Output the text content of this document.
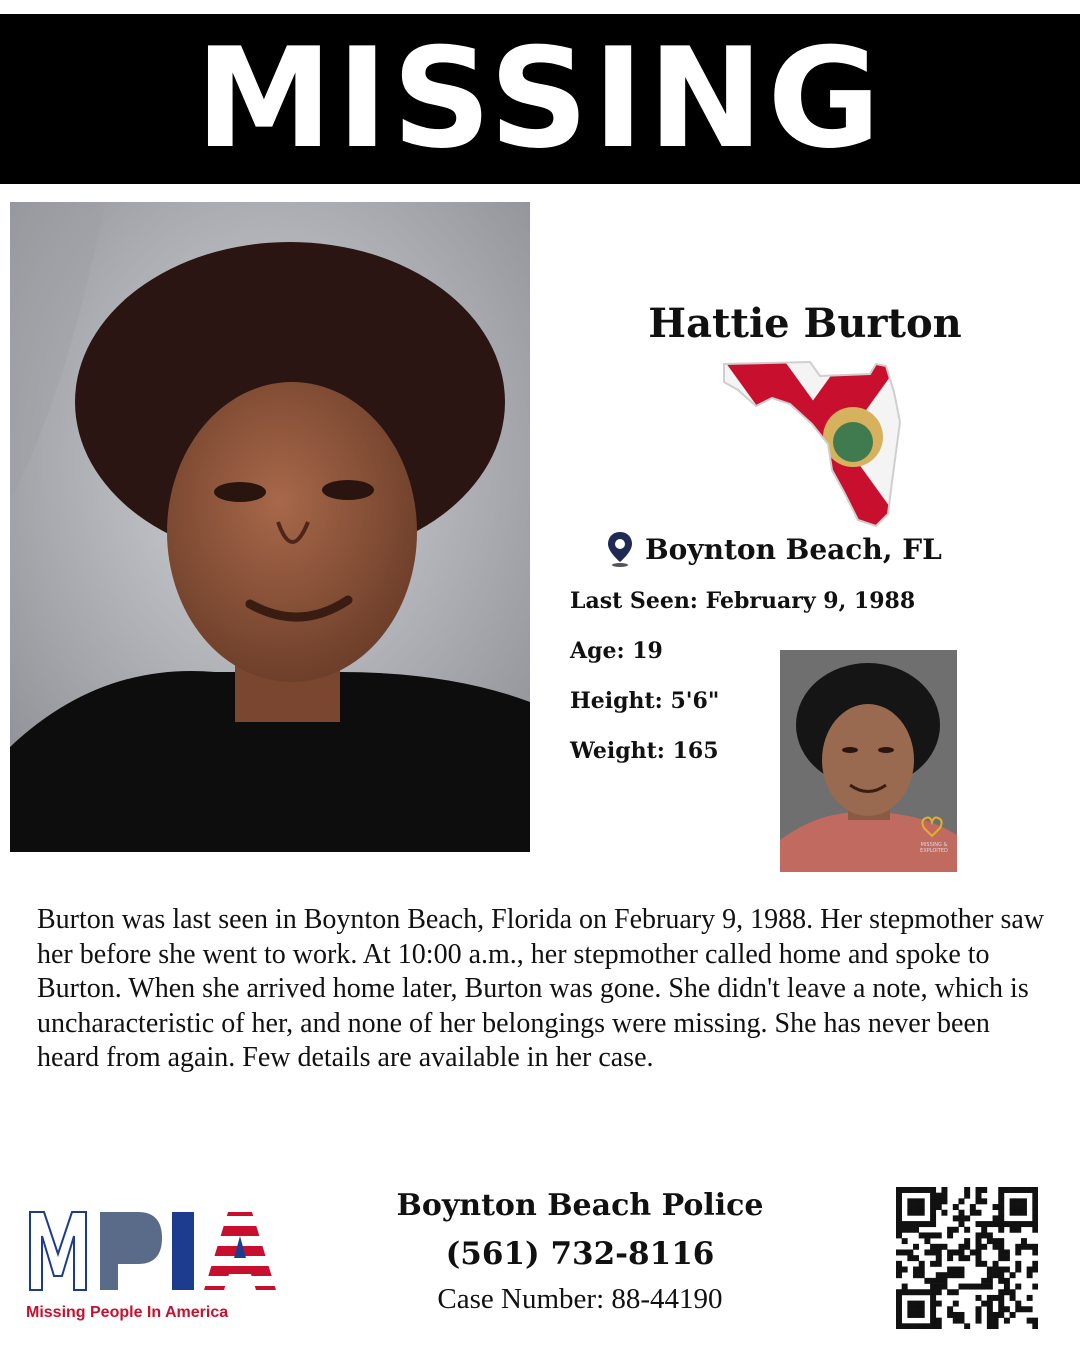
MISSING
Hattie Burton
Boynton Beach, FL
Last Seen: February 9, 1988
Age: 19
Height: 5'6"
Weight: 165
MISSING & EXPLOITED
Burton was last seen in Boynton Beach, Florida on February 9, 1988. Her stepmother saw her before she went to work. At 10:00 a.m., her stepmother called home and spoke to Burton. When she arrived home later, Burton was gone. She didn't leave a note, which is uncharacteristic of her, and none of her belongings were missing. She has never been heard from again. Few details are available in her case.
Missing People In America
Boynton Beach Police
(561) 732-8116
Case Number: 88-44190
